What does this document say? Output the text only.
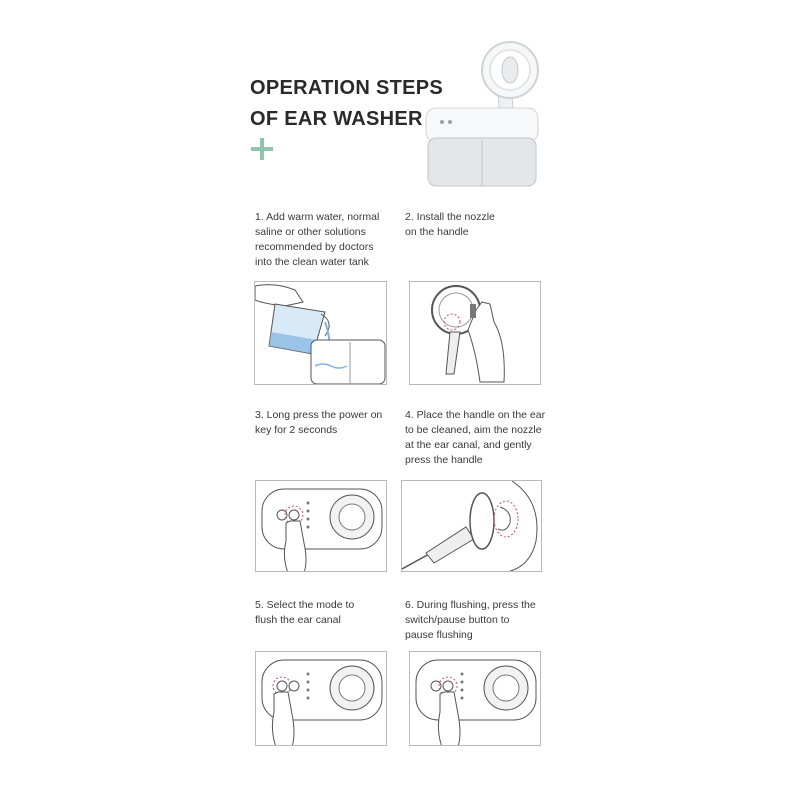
OPERATION STEPS
OF EAR WASHER
1. Add warm water, normal
saline or other solutions
recommended by doctors
into the clean water tank
2. Install the nozzle
on the handle
3. Long press the power on
key for 2 seconds
4. Place the handle on the ear
to be cleaned, aim the nozzle
at the ear canal, and gently
press the handle
5. Select the mode to
flush the ear canal
6. During flushing, press the
switch/pause button to
pause flushing
